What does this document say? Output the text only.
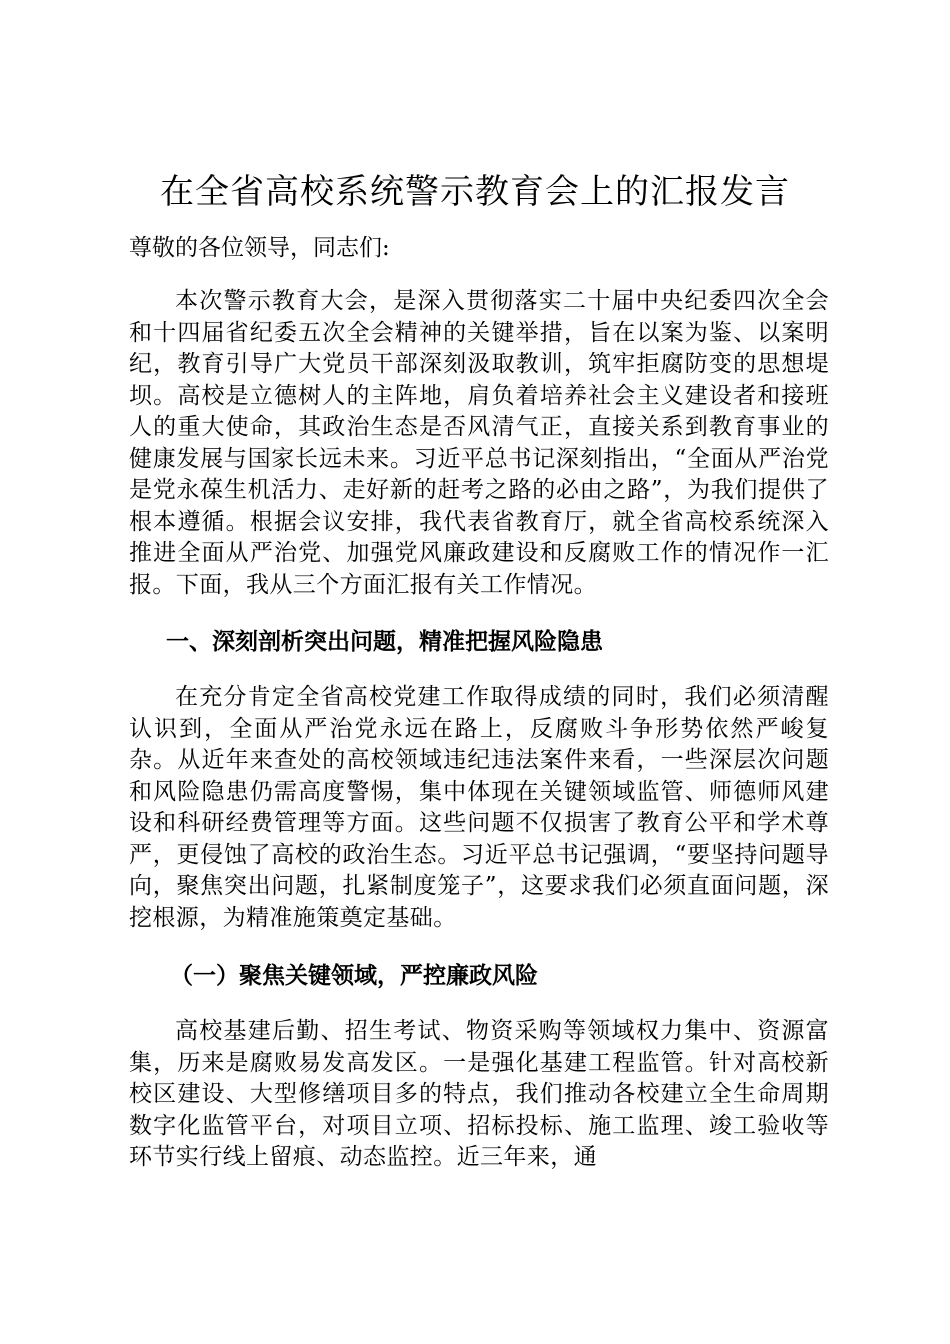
在全省高校系统警示教育会上的汇报发言
尊敬的各位领导，同志们:
本次警示教育大会，是深入贯彻落实二十届中央纪委四次全会和十四届省纪委五次全会精神的关键举措，旨在以案为鉴、以案明纪，教育引导广大党员干部深刻汲取教训，筑牢拒腐防变的思想堤坝。高校是立德树人的主阵地，肩负着培养社会主义建设者和接班人的重大使命，其政治生态是否风清气正，直接关系到教育事业的健康发展与国家长远未来。习近平总书记深刻指出，“全面从严治党是党永葆生机活力、走好新的赶考之路的必由之路”，为我们提供了根本遵循。根据会议安排，我代表省教育厅，就全省高校系统深入推进全面从严治党、加强党风廉政建设和反腐败工作的情况作一汇报。下面，我从三个方面汇报有关工作情况。
一、深刻剖析突出问题，精准把握风险隐患
在充分肯定全省高校党建工作取得成绩的同时，我们必须清醒认识到，全面从严治党永远在路上，反腐败斗争形势依然严峻复杂。从近年来查处的高校领域违纪违法案件来看，一些深层次问题和风险隐患仍需高度警惕，集中体现在关键领域监管、师德师风建设和科研经费管理等方面。这些问题不仅损害了教育公平和学术尊严，更侵蚀了高校的政治生态。习近平总书记强调，“要坚持问题导向，聚焦突出问题，扎紧制度笼子”，这要求我们必须直面问题，深挖根源，为精准施策奠定基础。
（一）聚焦关键领域，严控廉政风险
高校基建后勤、招生考试、物资采购等领域权力集中、资源富集，历来是腐败易发高发区。一是强化基建工程监管。针对高校新校区建设、大型修缮项目多的特点，我们推动各校建立全生命周期数字化监管平台，对项目立项、招标投标、施工监理、竣工验收等环节实行线上留痕、动态监控。近三年来，通
